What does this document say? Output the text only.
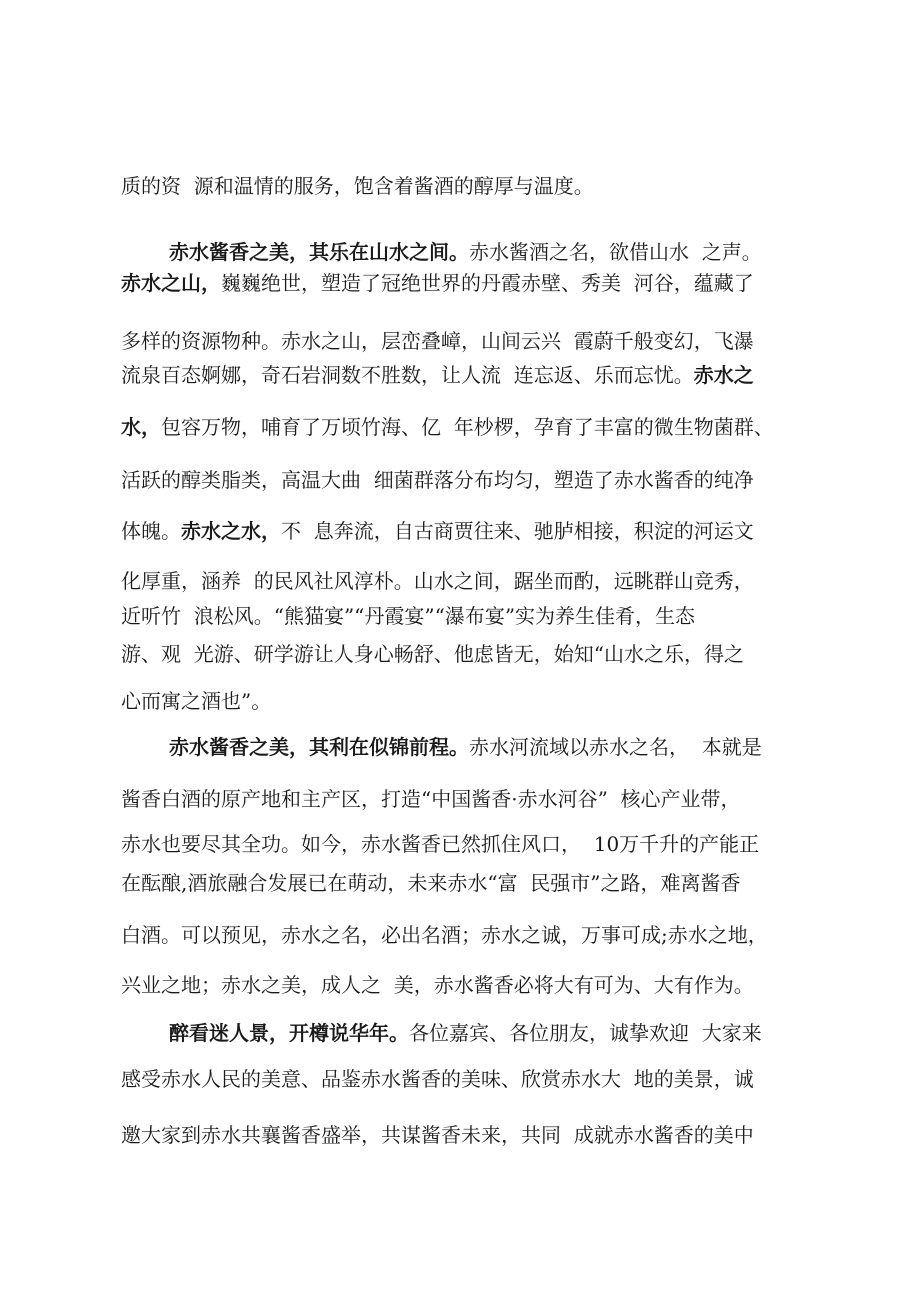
质的资  源和温情的服务，饱含着酱酒的醇厚与温度。
赤水酱香之美，其乐在山水之间。 赤水酱酒之名，欲借山水  之声。
赤水之山， 巍巍绝世，塑造了冠绝世界的丹霞赤壁、秀美  河谷，蕴藏了
多样的资源物种。赤水之山，层峦叠嶂，山间云兴  霞蔚千般变幻，飞瀑
流泉百态婀娜，奇石岩洞数不胜数，让人流  连忘返、乐而忘忧。 赤水之
水， 包容万物，哺育了万顷竹海、亿  年杪椤，孕育了丰富的微生物菌群、
活跃的醇类脂类，高温大曲  细菌群落分布均匀，塑造了赤水酱香的纯净
体魄。 赤水之水， 不  息奔流，自古商贾往来、驰胪相接，积淀的河运文
化厚重，涵养  的民风社风淳朴。山水之间，踞坐而酌，远眺群山竞秀，
近听竹  浪松风。“熊猫宴”“丹霞宴”“瀑布宴”实为养生佳肴，生态
游、观  光游、研学游让人身心畅舒、他虑皆无，始知“山水之乐，得之
心而寓之酒也”。
赤水酱香之美，其利在似锦前程。 赤水河流域以赤水之名，  本就是
酱香白酒的原产地和主产区，打造“中国酱香·赤水河谷”  核心产业带，
赤水也要尽其全功。如今，赤水酱香已然抓住风口，  10万千升的产能正
在酝酿,酒旅融合发展已在萌动，未来赤水“富  民强市”之路，难离酱香
白酒。可以预见，赤水之名，必出名酒；赤水之诚，万事可成;赤水之地，
兴业之地；赤水之美，成人之  美，赤水酱香必将大有可为、大有作为。
醉看迷人景，开樽说华年。 各位嘉宾、各位朋友，诚挚欢迎  大家来
感受赤水人民的美意、品鉴赤水酱香的美味、欣赏赤水大  地的美景，诚
邀大家到赤水共襄酱香盛举，共谋酱香未来，共同  成就赤水酱香的美中
